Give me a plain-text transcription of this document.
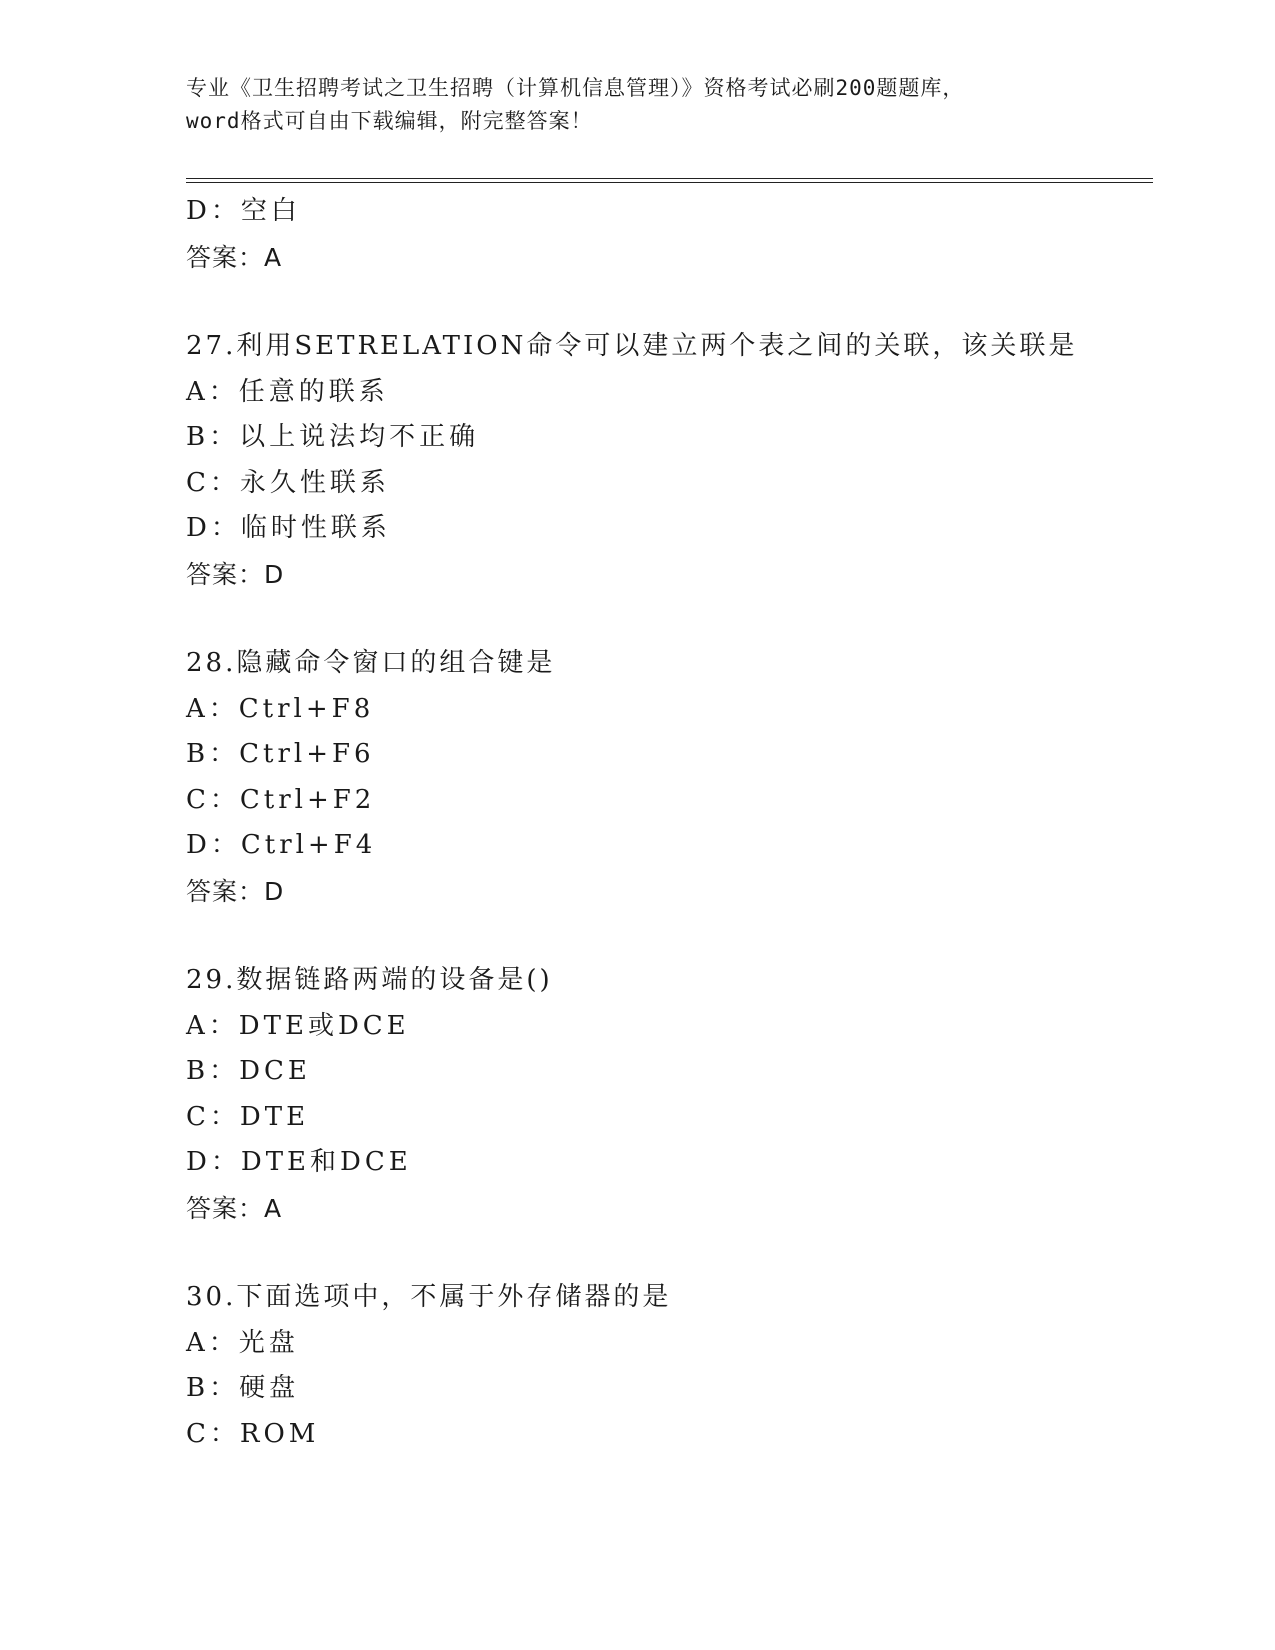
专业《卫生招聘考试之卫生招聘（计算机信息管理）》资格考试必刷200题题库，
word格式可自由下载编辑，附完整答案！
D：空白
答案：A
27.利用SETRELATION命令可以建立两个表之间的关联，该关联是
A：任意的联系
B：以上说法均不正确
C：永久性联系
D：临时性联系
答案：D
28.隐藏命令窗口的组合键是
A：Ctrl+F8
B：Ctrl+F6
C：Ctrl+F2
D：Ctrl+F4
答案：D
29.数据链路两端的设备是()
A：DTE或DCE
B：DCE
C：DTE
D：DTE和DCE
答案：A
30.下面选项中，不属于外存储器的是
A：光盘
B：硬盘
C：ROM
